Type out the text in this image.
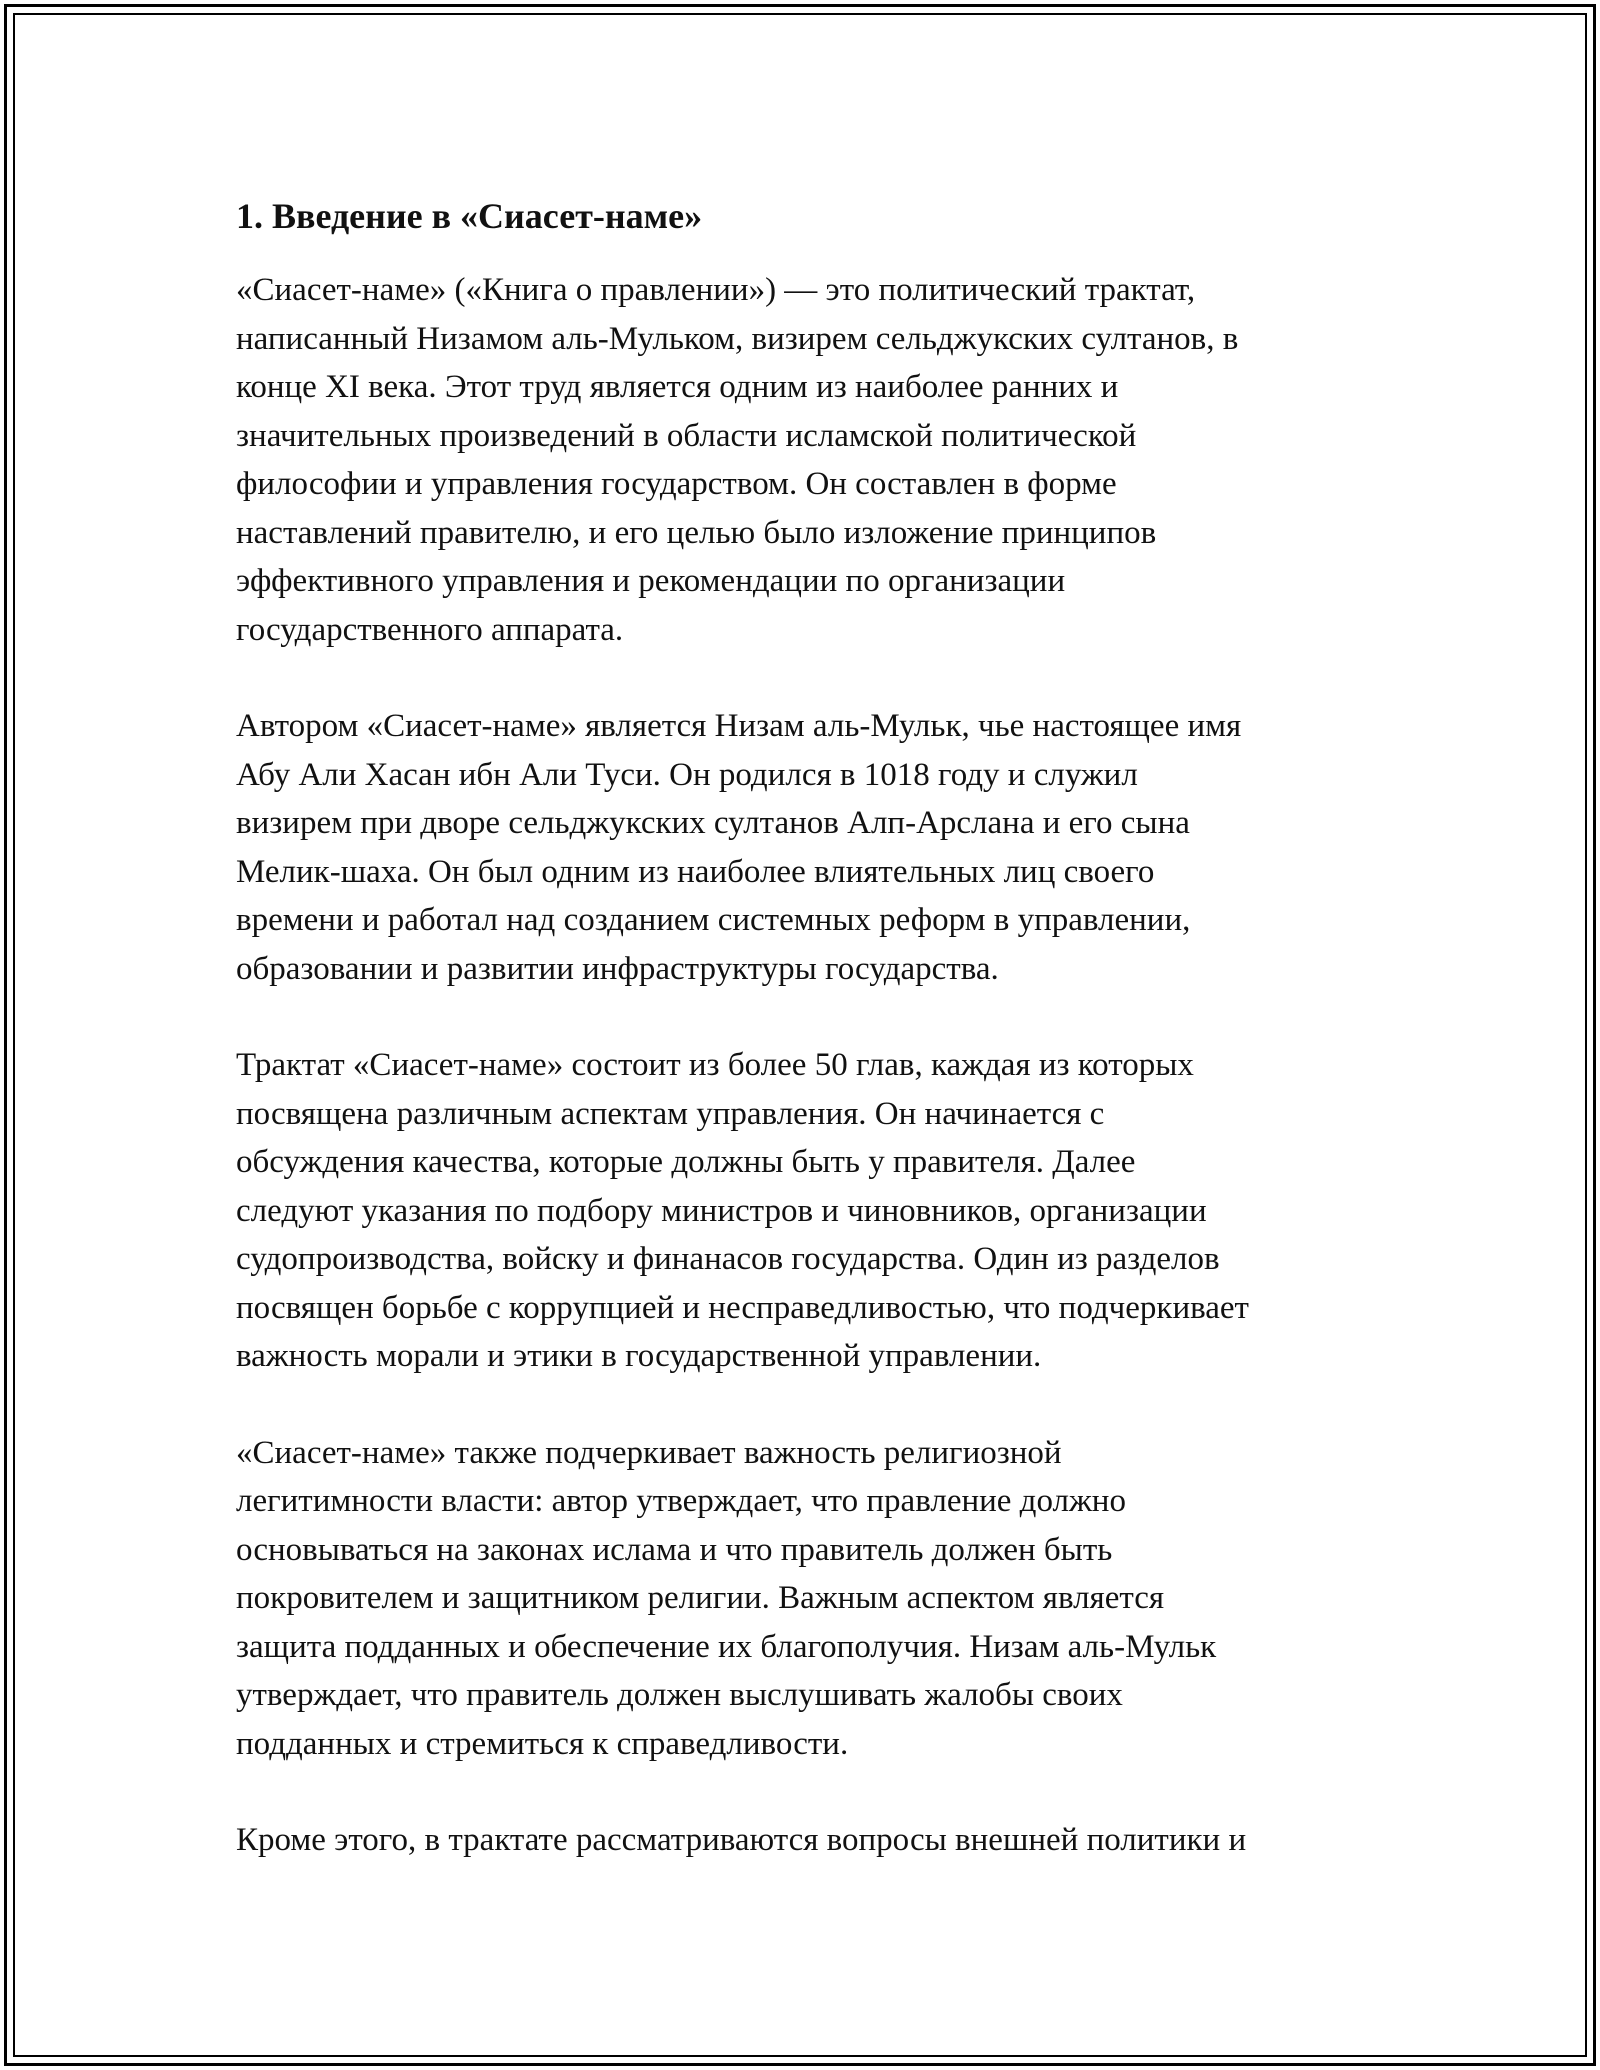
1. Введение в «Сиасет-наме»
«Сиасет-наме» («Книга о правлении») — это политический трактат,
написанный Низамом аль-Мульком, визирем сельджукских султанов, в
конце XI века. Этот труд является одним из наиболее ранних и
значительных произведений в области исламской политической
философии и управления государством. Он составлен в форме
наставлений правителю, и его целью было изложение принципов
эффективного управления и рекомендации по организации
государственного аппарата.
Автором «Сиасет-наме» является Низам аль-Мульк, чье настоящее имя
Абу Али Хасан ибн Али Туси. Он родился в 1018 году и служил
визирем при дворе сельджукских султанов Алп-Арслана и его сына
Мелик-шаха. Он был одним из наиболее влиятельных лиц своего
времени и работал над созданием системных реформ в управлении,
образовании и развитии инфраструктуры государства.
Трактат «Сиасет-наме» состоит из более 50 глав, каждая из которых
посвящена различным аспектам управления. Он начинается с
обсуждения качества, которые должны быть у правителя. Далее
следуют указания по подбору министров и чиновников, организации
судопроизводства, войску и финанасов государства. Один из разделов
посвящен борьбе с коррупцией и несправедливостью, что подчеркивает
важность морали и этики в государственной управлении.
«Сиасет-наме» также подчеркивает важность религиозной
легитимности власти: автор утверждает, что правление должно
основываться на законах ислама и что правитель должен быть
покровителем и защитником религии. Важным аспектом является
защита подданных и обеспечение их благополучия. Низам аль-Мульк
утверждает, что правитель должен выслушивать жалобы своих
подданных и стремиться к справедливости.
Кроме этого, в трактате рассматриваются вопросы внешней политики и
